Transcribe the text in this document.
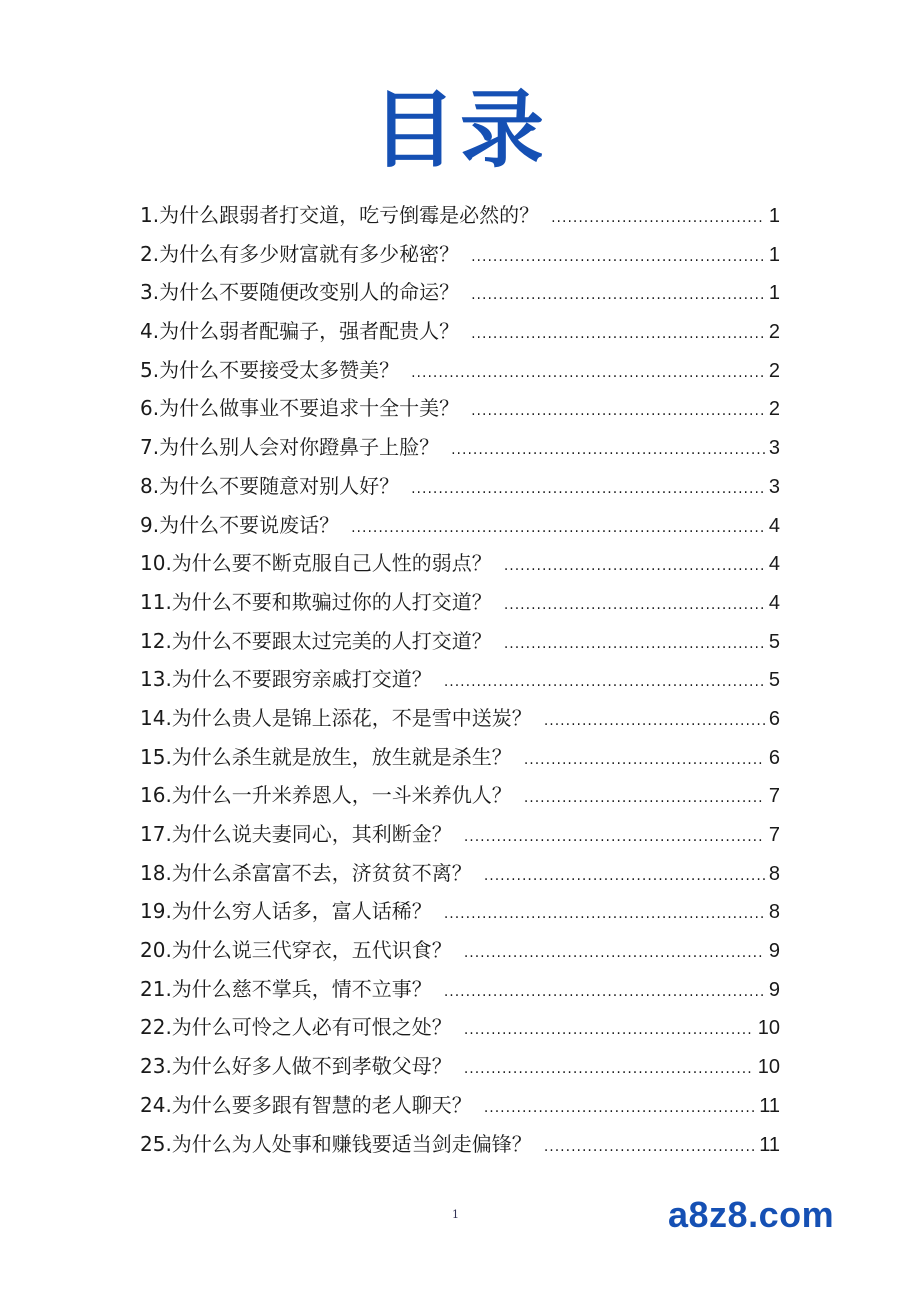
目录
1.为什么跟弱者打交道，吃亏倒霉是必然的？ .....	1
2.为什么有多少财富就有多少秘密？ .....	1
3.为什么不要随便改变别人的命运？ .....	1
4.为什么弱者配骗子，强者配贵人？ .....	2
5.为什么不要接受太多赞美？ .....	2
6.为什么做事业不要追求十全十美？ .....	2
7.为什么别人会对你蹬鼻子上脸？ .....	3
8.为什么不要随意对别人好？ .....	3
9.为什么不要说废话？ .....	4
10.为什么要不断克服自己人性的弱点？ .....	4
11.为什么不要和欺骗过你的人打交道？ .....	4
12.为什么不要跟太过完美的人打交道？ .....	5
13.为什么不要跟穷亲戚打交道？ .....	5
14.为什么贵人是锦上添花，不是雪中送炭？ .....	6
15.为什么杀生就是放生，放生就是杀生？ .....	6
16.为什么一升米养恩人，一斗米养仇人？ .....	7
17.为什么说夫妻同心，其利断金？ .....	7
18.为什么杀富富不去，济贫贫不离？ .....	8
19.为什么穷人话多，富人话稀？ .....	8
20.为什么说三代穿衣，五代识食？ .....	9
21.为什么慈不掌兵，情不立事？ .....	9
22.为什么可怜之人必有可恨之处？ .....	10
23.为什么好多人做不到孝敬父母？ .....	10
24.为什么要多跟有智慧的老人聊天？ .....	11
25.为什么为人处事和赚钱要适当剑走偏锋？ .....	11
1	a8z8.com
